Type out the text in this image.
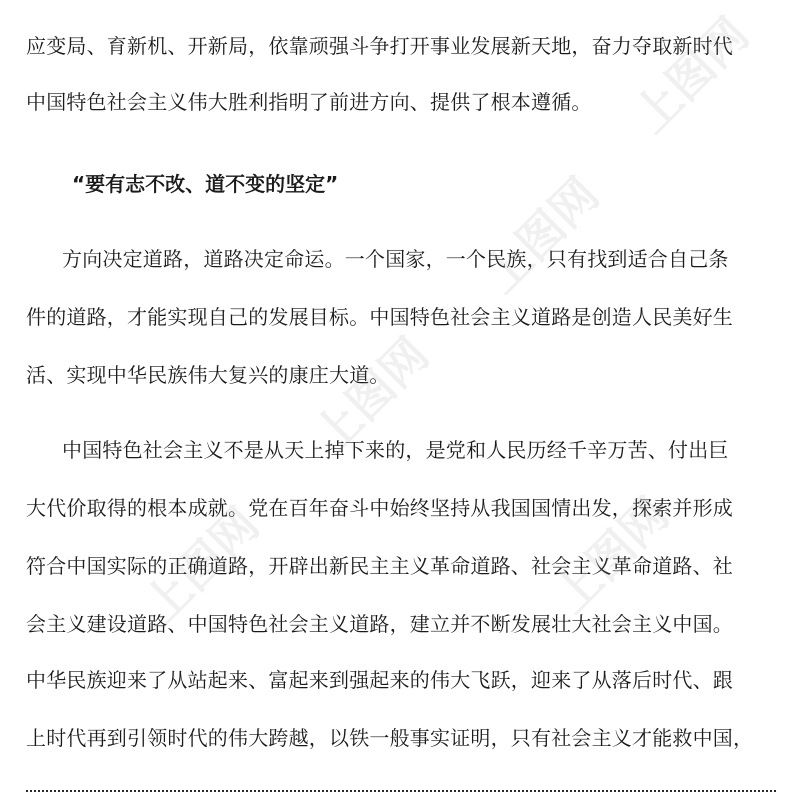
应变局、育新机、开新局，依靠顽强斗争打开事业发展新天地，奋力夺取新时代
中国特色社会主义伟大胜利指明了前进方向、提供了根本遵循。
“要有志不改、道不变的坚定”
方向决定道路，道路决定命运。一个国家，一个民族，只有找到适合自己条
件的道路，才能实现自己的发展目标。中国特色社会主义道路是创造人民美好生
活、实现中华民族伟大复兴的康庄大道。
中国特色社会主义不是从天上掉下来的，是党和人民历经千辛万苦、付出巨
大代价取得的根本成就。党在百年奋斗中始终坚持从我国国情出发，探索并形成
符合中国实际的正确道路，开辟出新民主主义革命道路、社会主义革命道路、社
会主义建设道路、中国特色社会主义道路，建立并不断发展壮大社会主义中国。
中华民族迎来了从站起来、富起来到强起来的伟大飞跃，迎来了从落后时代、跟
上时代再到引领时代的伟大跨越，以铁一般事实证明，只有社会主义才能救中国，
上图网
上图网
上图网	上图网
上图网
